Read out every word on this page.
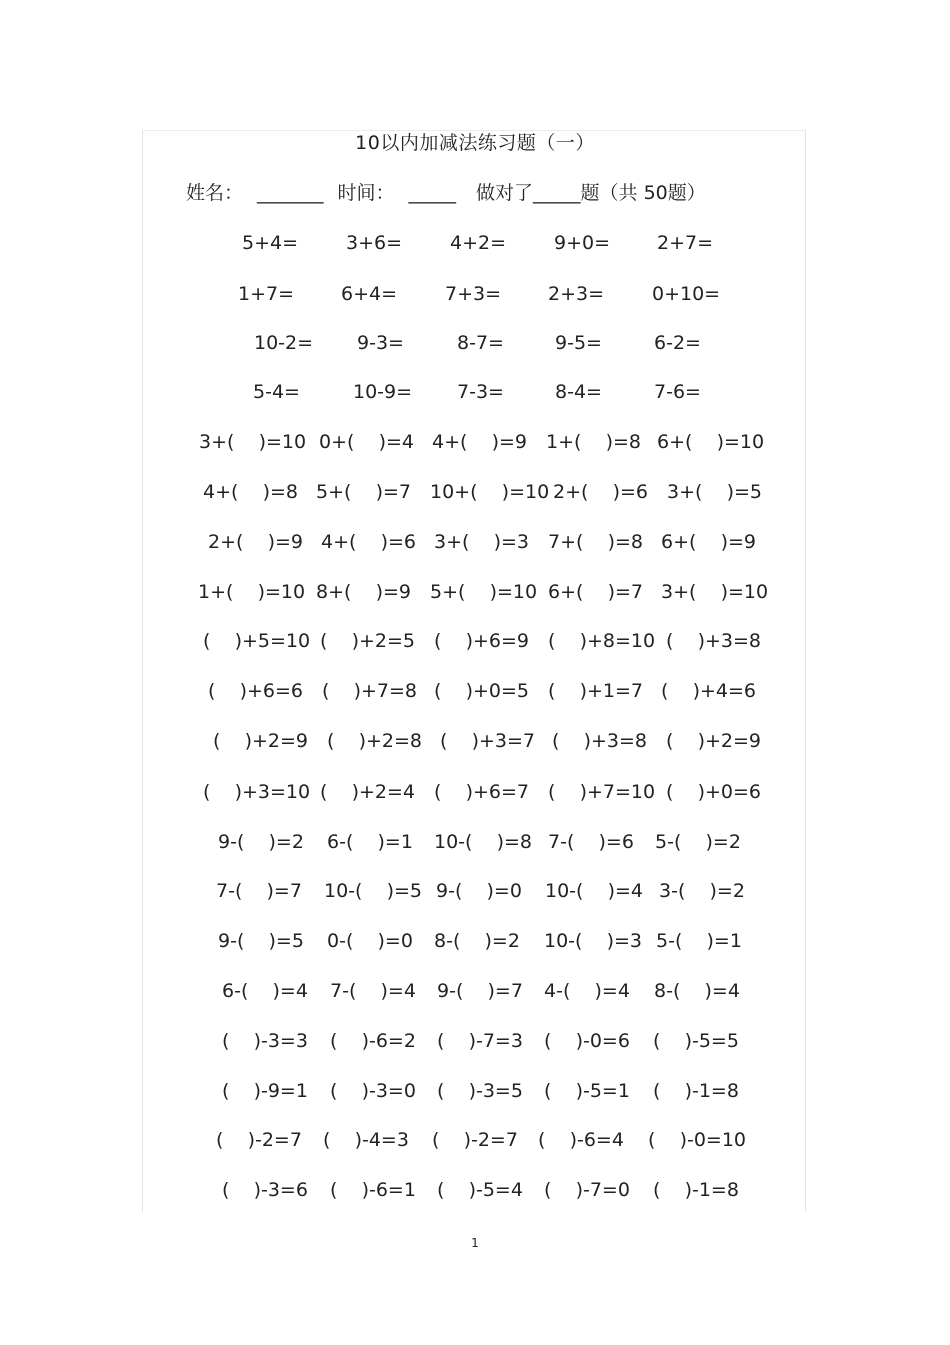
10以内加减法练习题（一）
姓名： _______ 时间： _____ 做对了_____题（共 50题）
5+4=	3+6=	4+2=	9+0= 2+7=
1+7= 6+4=	7+3= 2+3=	0+10=
10-2= 9-3=	8-7=	9-5=	6-2=
5-4=	10-9= 7-3=	8-4=	7-6=
3+(    )=10 0+(    )=4 4+(    )=9 1+(    )=8 6+(    )=10
4+(    )=8 5+(    )=7 10+(    )=10 2+(    )=6 3+(    )=5
2+(    )=9 4+(    )=6 3+(    )=3 7+(    )=8 6+(    )=9
1+(    )=10 8+(    )=9 5+(    )=10 6+(    )=7 3+(    )=10
(    )+5=10 (    )+2=5 (    )+6=9 (    )+8=10 (    )+3=8
(    )+6=6 (    )+7=8 (    )+0=5 (    )+1=7 (    )+4=6
(    )+2=9 (    )+2=8 (    )+3=7 (    )+3=8 (    )+2=9
(    )+3=10 (    )+2=4 (    )+6=7 (    )+7=10 (    )+0=6
9-(    )=2 6-(    )=1 10-(    )=8 7-(    )=6 5-(    )=2
7-(    )=7 10-(    )=5 9-(    )=0 10-(    )=4 3-(    )=2
9-(    )=5 0-(    )=0 8-(    )=2 10-(    )=3 5-(    )=1
6-(    )=4 7-(    )=4 9-(    )=7 4-(    )=4 8-(    )=4
(    )-3=3 (    )-6=2 (    )-7=3 (    )-0=6 (    )-5=5
(    )-9=1 (    )-3=0 (    )-3=5 (    )-5=1 (    )-1=8
(    )-2=7 (    )-4=3 (    )-2=7 (    )-6=4 (    )-0=10
(    )-3=6 (    )-6=1 (    )-5=4 (    )-7=0 (    )-1=8
1
